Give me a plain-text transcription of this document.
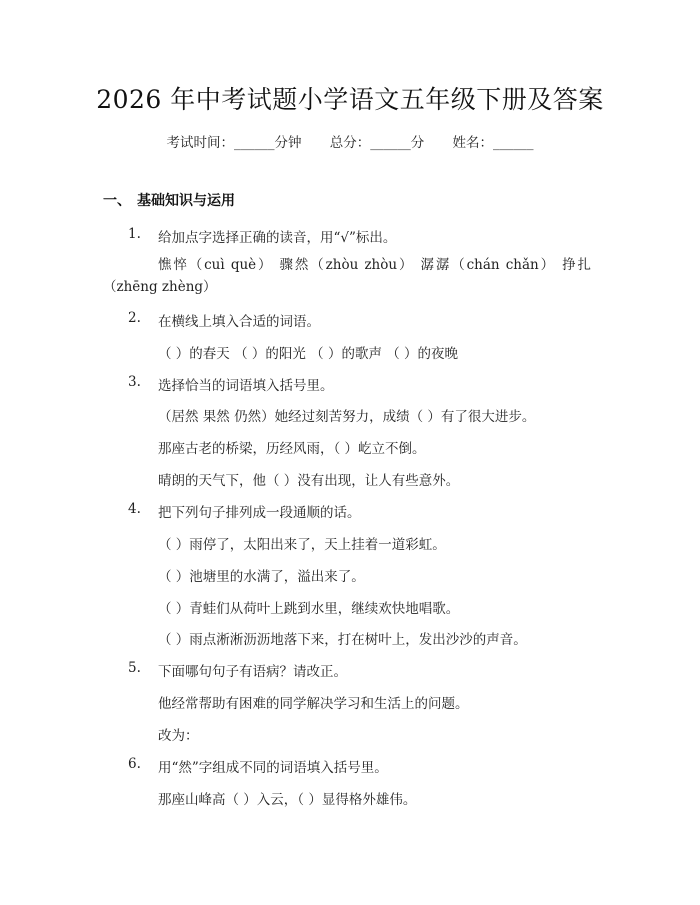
2026 年中考试题小学语文五年级下册及答案
考试时间：______分钟 总分：______分 姓名：______
一、 基础知识与运用
1. 给加点字选择正确的读音，用“√”标出。
憔悴（cuì què） 骤然（zhòu zhòu） 潺潺（chán chǎn） 挣扎（zhēng zhèng）
2. 在横线上填入合适的词语。
（ ）的春天 （ ）的阳光 （ ）的歌声 （ ）的夜晚
3. 选择恰当的词语填入括号里。
（居然 果然 仍然）她经过刻苦努力，成绩（ ）有了很大进步。
那座古老的桥梁，历经风雨，（ ）屹立不倒。
晴朗的天气下，他（ ）没有出现，让人有些意外。
4. 把下列句子排列成一段通顺的话。
（ ）雨停了，太阳出来了，天上挂着一道彩虹。
（ ）池塘里的水满了，溢出来了。
（ ）青蛙们从荷叶上跳到水里，继续欢快地唱歌。
（ ）雨点淅淅沥沥地落下来，打在树叶上，发出沙沙的声音。
5. 下面哪句句子有语病？请改正。
他经常帮助有困难的同学解决学习和生活上的问题。
改为：
6. 用“然”字组成不同的词语填入括号里。
那座山峰高（ ）入云，（ ）显得格外雄伟。
